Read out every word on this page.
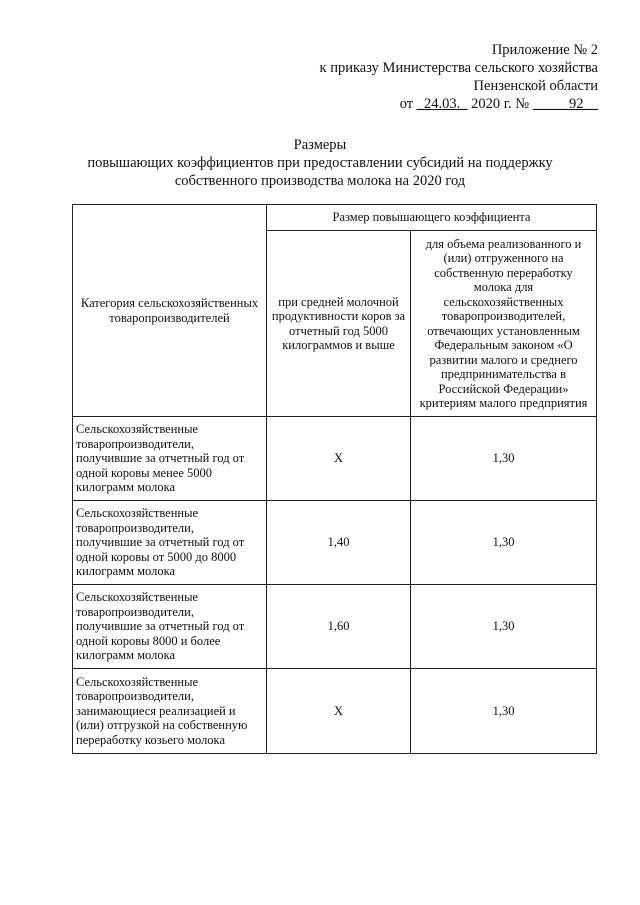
Приложение № 2
к приказу Министерства сельского хозяйства
Пензенской области
от _24.03._ 2020 г. № _____92__
Размеры
повышающих коэффициентов при предоставлении субсидий на поддержку
собственного производства молока на 2020 год
Категория сельскохозяйственных товаропроизводителей	Размер повышающего коэффициента	
	при средней молочной продуктивности коров за отчетный год 5000 килограммов и выше	для объема реализованного и (или) отгруженного на собственную переработку молока для сельскохозяйственных товаропроизводителей, отвечающих установленным Федеральным законом «О развитии малого и среднего предпринимательства в Российской Федерации» критериям малого предприятия
Сельскохозяйственные товаропроизводители, получившие за отчетный год от одной коровы менее 5000 килограмм молока	Х	1,30
Сельскохозяйственные товаропроизводители, получившие за отчетный год от одной коровы от 5000 до 8000 килограмм молока	1,40	1,30
Сельскохозяйственные товаропроизводители, получившие за отчетный год от одной коровы 8000 и более килограмм молока	1,60	1,30
Сельскохозяйственные товаропроизводители, занимающиеся реализацией и (или) отгрузкой на собственную переработку козьего молока	Х	1,30
